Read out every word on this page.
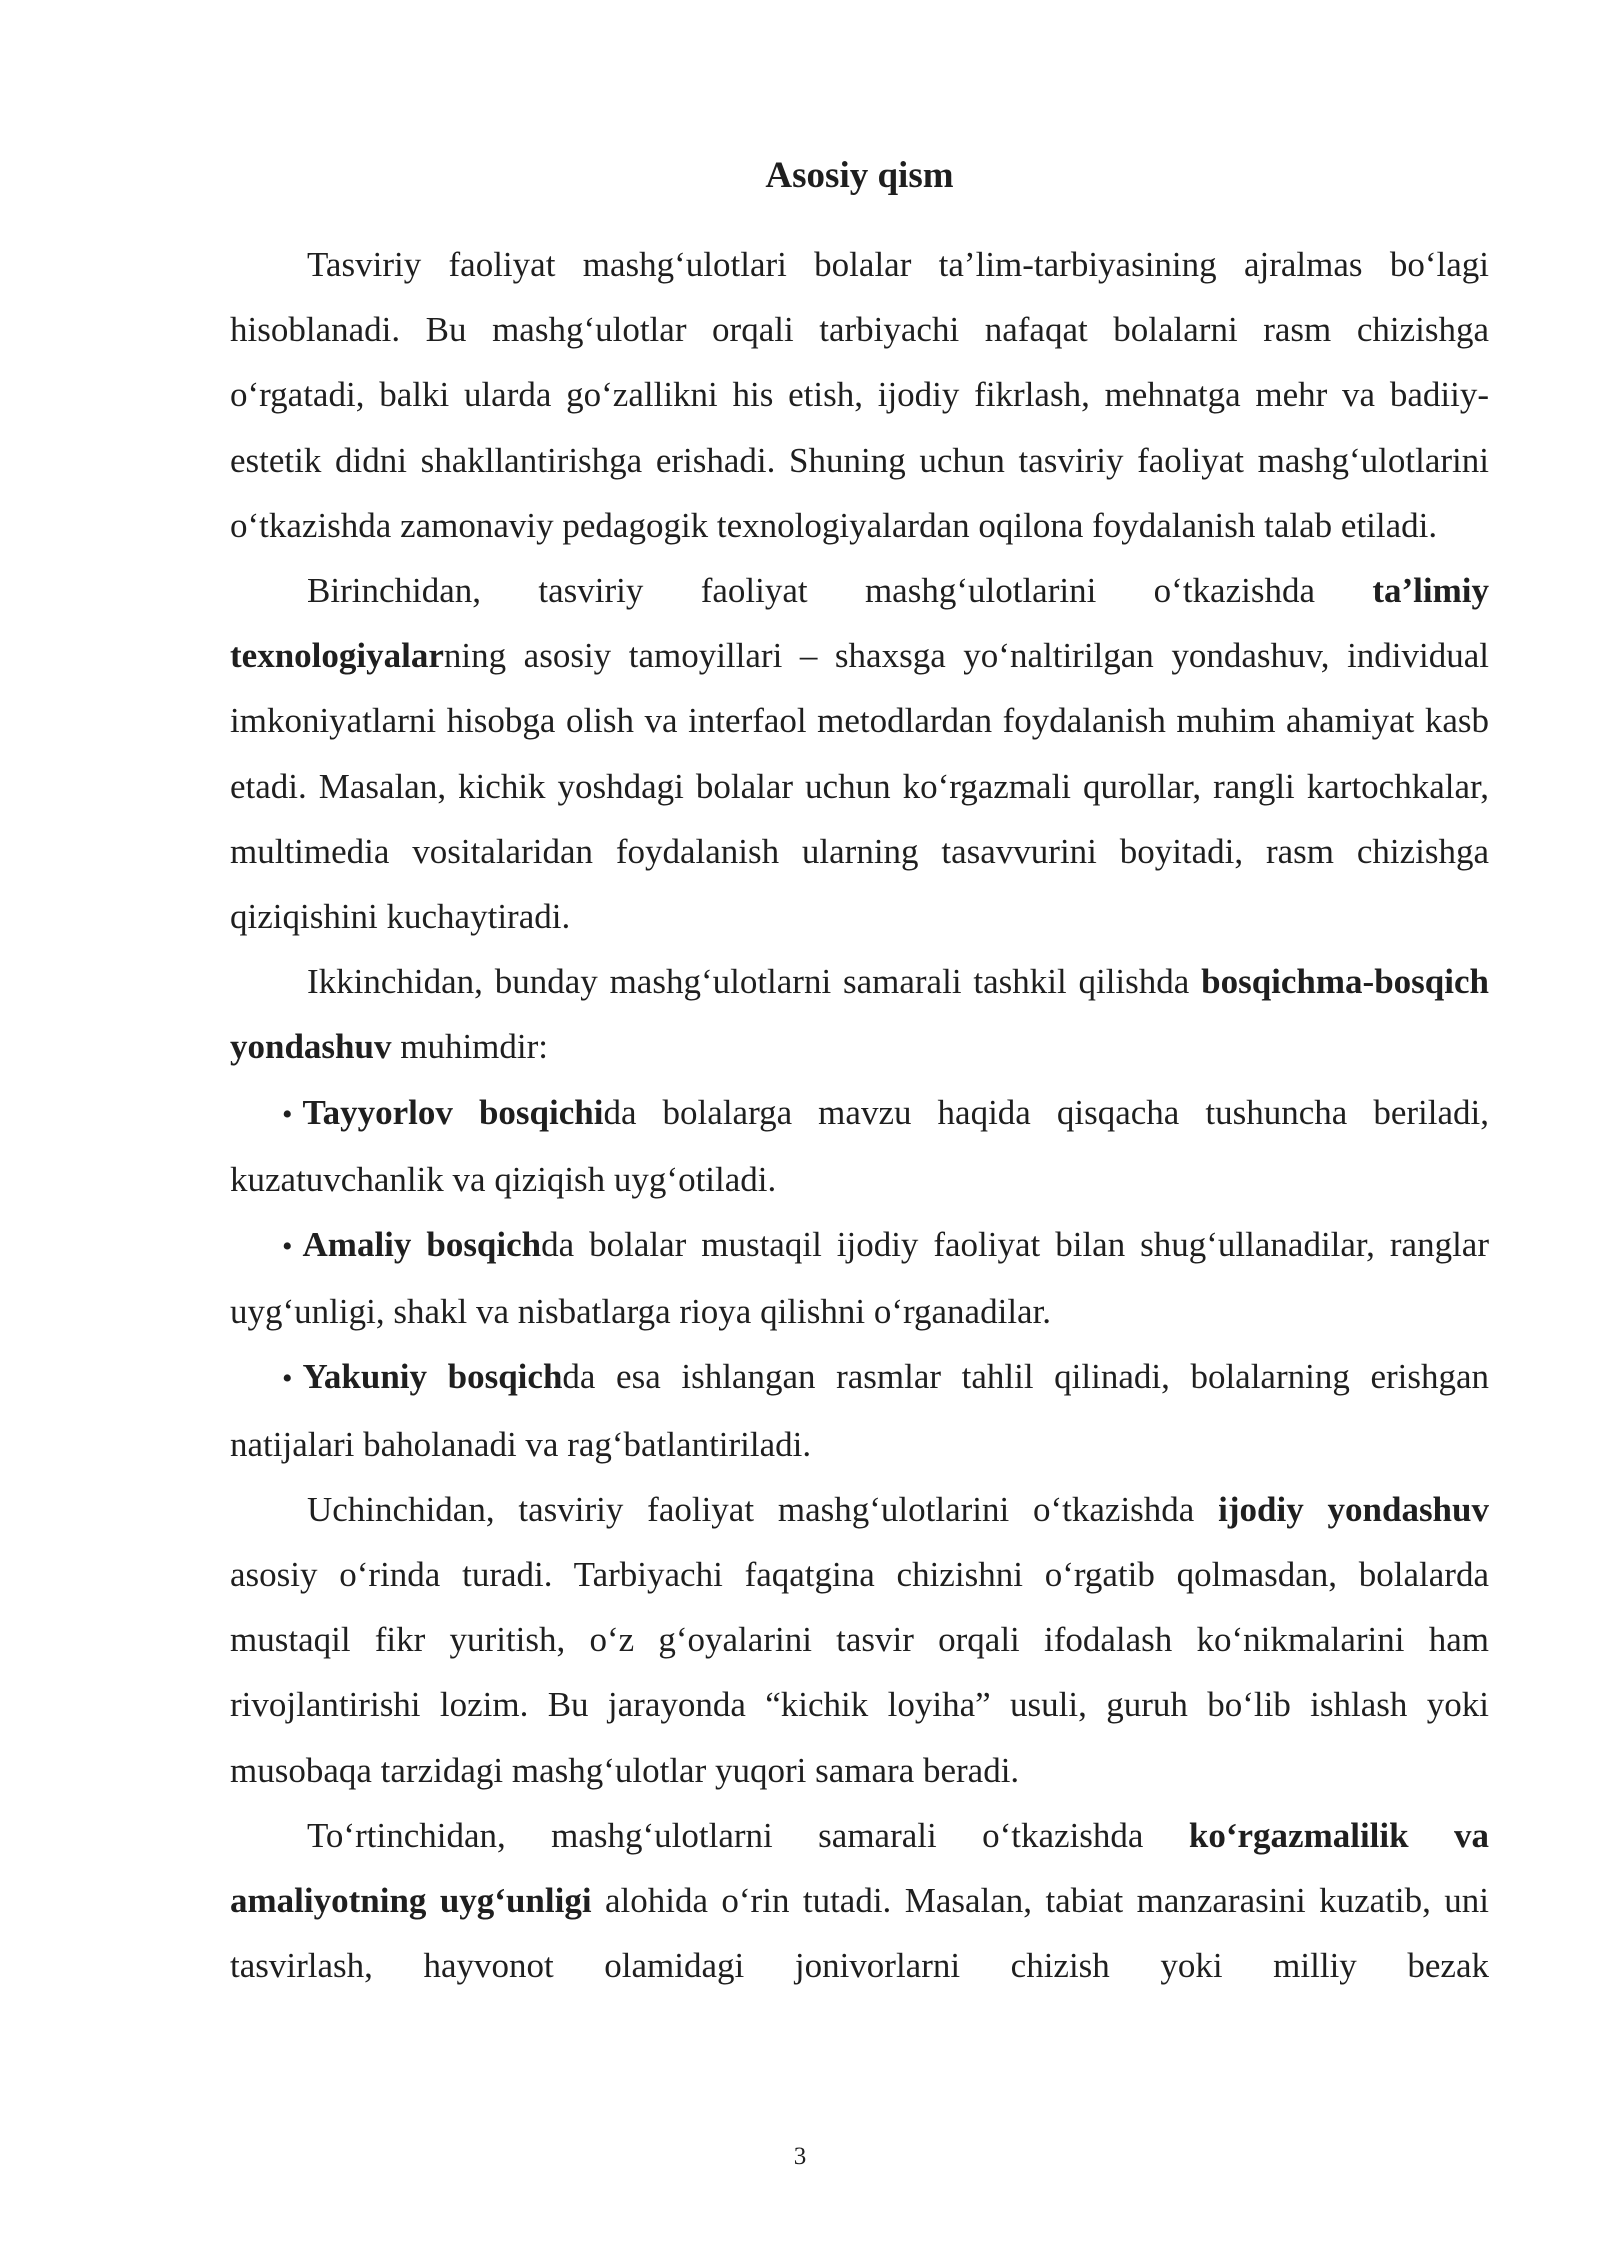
Asosiy qism

Tasviriy faoliyat mashg‘ulotlari bolalar ta’lim-tarbiyasining ajralmas bo‘lagi hisoblanadi. Bu mashg‘ulotlar orqali tarbiyachi nafaqat bolalarni rasm chizishga o‘rgatadi, balki ularda go‘zallikni his etish, ijodiy fikrlash, mehnatga mehr va badiiy-estetik didni shakllantirishga erishadi. Shuning uchun tasviriy faoliyat mashg‘ulotlarini o‘tkazishda zamonaviy pedagogik texnologiyalardan oqilona foydalanish talab etiladi.

Birinchidan, tasviriy faoliyat mashg‘ulotlarini o‘tkazishda ta’limiy texnologiyalarning asosiy tamoyillari – shaxsga yo‘naltirilgan yondashuv, individual imkoniyatlarni hisobga olish va interfaol metodlardan foydalanish muhim ahamiyat kasb etadi. Masalan, kichik yoshdagi bolalar uchun ko‘rgazmali qurollar, rangli kartochkalar, multimedia vositalaridan foydalanish ularning tasavvurini boyitadi, rasm chizishga qiziqishini kuchaytiradi.

Ikkinchidan, bunday mashg‘ulotlarni samarali tashkil qilishda bosqichma-bosqich yondashuv muhimdir:

• Tayyorlov bosqichida bolalarga mavzu haqida qisqacha tushuncha beriladi, kuzatuvchanlik va qiziqish uyg‘otiladi.

• Amaliy bosqichda bolalar mustaqil ijodiy faoliyat bilan shug‘ullanadilar, ranglar uyg‘unligi, shakl va nisbatlarga rioya qilishni o‘rganadilar.

• Yakuniy bosqichda esa ishlangan rasmlar tahlil qilinadi, bolalarning erishgan natijalari baholanadi va rag‘batlantiriladi.

Uchinchidan, tasviriy faoliyat mashg‘ulotlarini o‘tkazishda ijodiy yondashuv asosiy o‘rinda turadi. Tarbiyachi faqatgina chizishni o‘rgatib qolmasdan, bolalarda mustaqil fikr yuritish, o‘z g‘oyalarini tasvir orqali ifodalash ko‘nikmalarini ham rivojlantirishi lozim. Bu jarayonda “kichik loyiha” usuli, guruh bo‘lib ishlash yoki musobaqa tarzidagi mashg‘ulotlar yuqori samara beradi.

To‘rtinchidan, mashg‘ulotlarni samarali o‘tkazishda ko‘rgazmalilik va amaliyotning uyg‘unligi alohida o‘rin tutadi. Masalan, tabiat manzarasini kuzatib, uni tasvirlash, hayvonot olamidagi jonivorlarni chizish yoki milliy bezak

3
